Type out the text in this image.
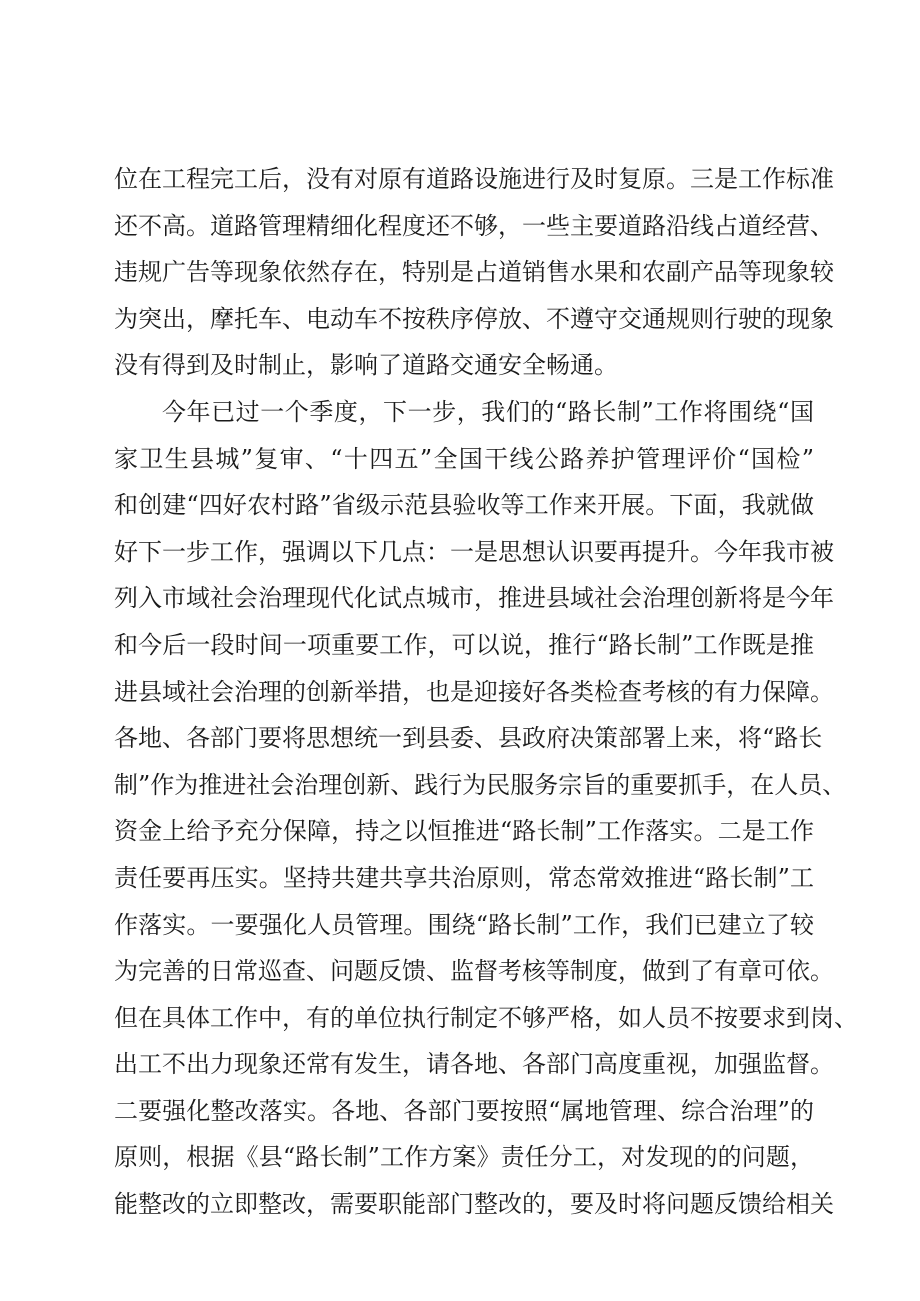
位在工程完工后，没有对原有道路设施进行及时复原。三是工作标准
还不高。道路管理精细化程度还不够，一些主要道路沿线占道经营、
违规广告等现象依然存在，特别是占道销售水果和农副产品等现象较
为突出，摩托车、电动车不按秩序停放、不遵守交通规则行驶的现象
没有得到及时制止，影响了道路交通安全畅通。
今年已过一个季度，下一步，我们的“路长制”工作将围绕“国
家卫生县城”复审、“十四五”全国干线公路养护管理评价“国检”
和创建“四好农村路”省级示范县验收等工作来开展。下面，我就做
好下一步工作，强调以下几点：一是思想认识要再提升。今年我市被
列入市域社会治理现代化试点城市，推进县域社会治理创新将是今年
和今后一段时间一项重要工作，可以说，推行“路长制”工作既是推
进县域社会治理的创新举措，也是迎接好各类检查考核的有力保障。
各地、各部门要将思想统一到县委、县政府决策部署上来，将“路长
制”作为推进社会治理创新、践行为民服务宗旨的重要抓手，在人员、
资金上给予充分保障，持之以恒推进“路长制”工作落实。二是工作
责任要再压实。坚持共建共享共治原则，常态常效推进“路长制”工
作落实。一要强化人员管理。围绕“路长制”工作，我们已建立了较
为完善的日常巡查、问题反馈、监督考核等制度，做到了有章可依。
但在具体工作中，有的单位执行制定不够严格，如人员不按要求到岗、
出工不出力现象还常有发生，请各地、各部门高度重视，加强监督。
二要强化整改落实。各地、各部门要按照“属地管理、综合治理”的
原则，根据《县“路长制”工作方案》责任分工，对发现的的问题，
能整改的立即整改，需要职能部门整改的，要及时将问题反馈给相关
